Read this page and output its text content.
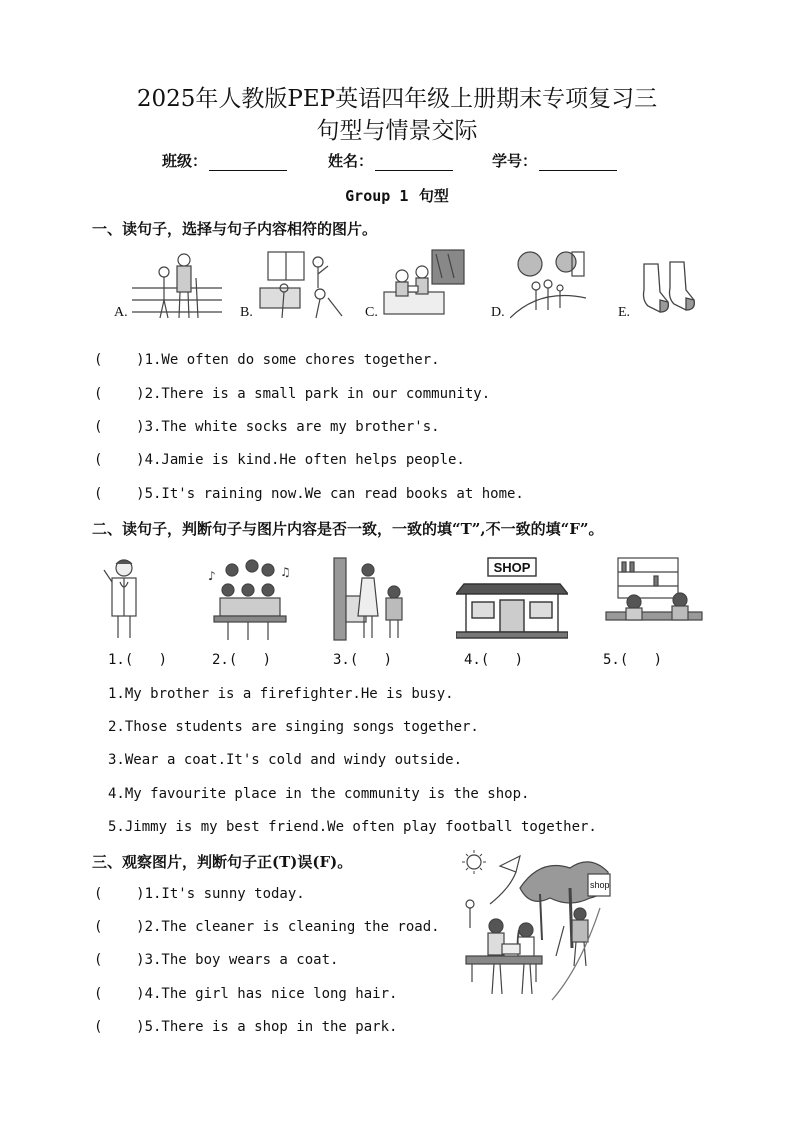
2025年人教版PEP英语四年级上册期末专项复习三
句型与情景交际
班级：	姓名：	学号：
Group 1 句型
一、读句子，选择与句子内容相符的图片。
A.	B.	C.	D.	E.
(    )1.We often do some chores together.
(    )2.There is a small park in our community.
(    )3.The white socks are my brother's.
(    )4.Jamie is kind.He often helps people.
(    )5.It's raining now.We can read books at home.
二、读句子，判断句子与图片内容是否一致，一致的填“T”,不一致的填“F”。
♪	♫	SHOP
1.(   )	2.(   )	3.(   )	4.(   )	5.(   )
1.My brother is a firefighter.He is busy.
2.Those students are singing songs together.
3.Wear a coat.It's cold and windy outside.
4.My favourite place in the community is the shop.
5.Jimmy is my best friend.We often play football together.
三、观察图片，判断句子正(T)误(F)。
(    )1.It's sunny today.
(    )2.The cleaner is cleaning the road.
(    )3.The boy wears a coat.
(    )4.The girl has nice long hair.
(    )5.There is a shop in the park.
shop
